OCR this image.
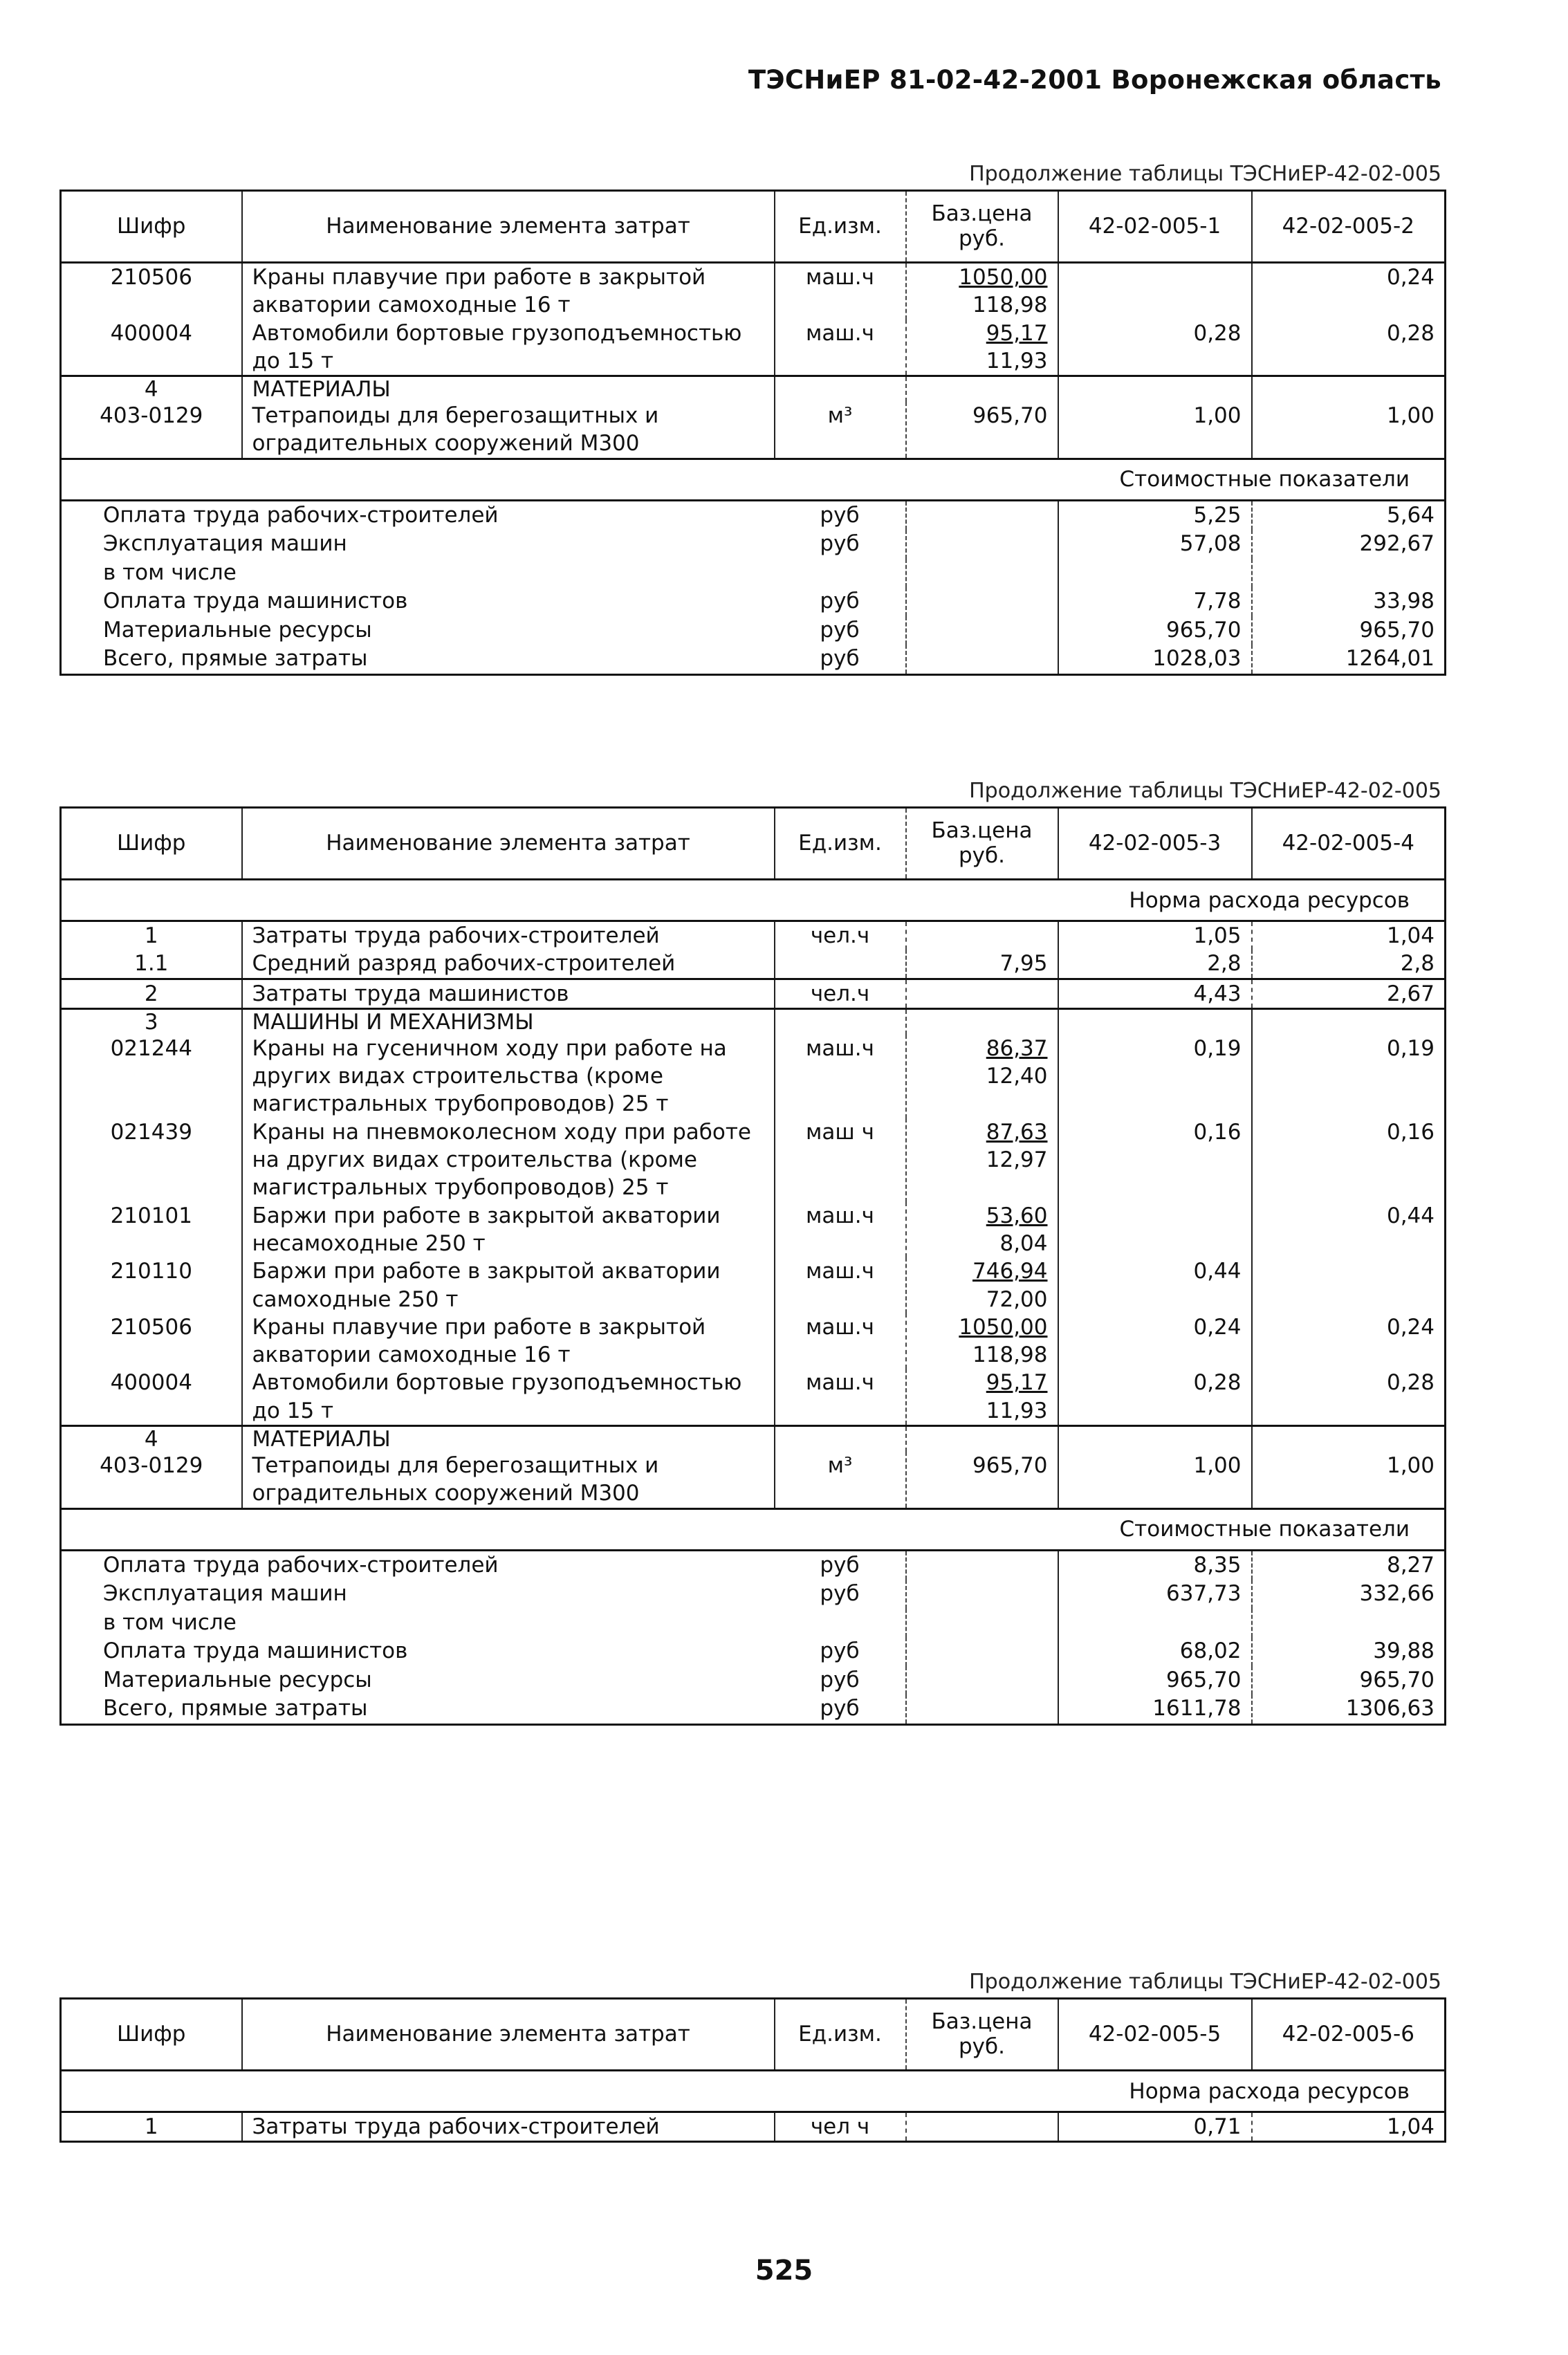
ТЭСНиЕР 81-02-42-2001 Воронежская область
Продолжение таблицы ТЭСНиЕР-42-02-005
Шифр	Наименование элемента затрат	Ед.изм.	Баз.цена руб.	42-02-005-1	42-02-005-2
210506	Краны плавучие при работе в закрытой акватории самоходные 16 т	маш.ч	$\frac{1050,00}{118,98}$		0,24
400004	Автомобили бортовые грузоподъемностью до 15 т	маш.ч	$\frac{95,17}{11,93}$	0,28	0,28
4	МАТЕРИАЛЫ				
403-0129	Тетрапоиды для берегозащитных и оградительных сооружений М300	м³	965,70	1,00	1,00
Стоимостные показатели					
Оплата труда рабочих-строителей		руб		5,25	5,64
Эксплуатация машин		руб		57,08	292,67
в том числе					
Оплата труда машинистов		руб		7,78	33,98
Материальные ресурсы		руб		965,70	965,70
Всего, прямые затраты		руб		1028,03	1264,01
Продолжение таблицы ТЭСНиЕР-42-02-005
Шифр	Наименование элемента затрат	Ед.изм.	Баз.цена руб.	42-02-005-3	42-02-005-4
Норма расхода ресурсов					
1	Затраты труда рабочих-строителей	чел.ч		1,05	1,04
1.1	Средний разряд рабочих-строителей		7,95	2,8	2,8
2	Затраты труда машинистов	чел.ч		4,43	2,67
3	МАШИНЫ И МЕХАНИЗМЫ				
021244	Краны на гусеничном ходу при работе на других видах строительства (кроме магистральных трубопроводов) 25 т	маш.ч	$\frac{86,37}{12,40}$	0,19	0,19
021439	Краны на пневмоколесном ходу при работе на других видах строительства (кроме магистральных трубопроводов) 25 т	маш ч	$\frac{87,63}{12,97}$	0,16	0,16
210101	Баржи при работе в закрытой акватории несамоходные 250 т	маш.ч	$\frac{53,60}{8,04}$		0,44
210110	Баржи при работе в закрытой акватории самоходные 250 т	маш.ч	$\frac{746,94}{72,00}$	0,44	
210506	Краны плавучие при работе в закрытой акватории самоходные 16 т	маш.ч	$\frac{1050,00}{118,98}$	0,24	0,24
400004	Автомобили бортовые грузоподъемностью до 15 т	маш.ч	$\frac{95,17}{11,93}$	0,28	0,28
4	МАТЕРИАЛЫ				
403-0129	Тетрапоиды для берегозащитных и оградительных сооружений М300	м³	965,70	1,00	1,00
Стоимостные показатели					
Оплата труда рабочих-строителей		руб		8,35	8,27
Эксплуатация машин		руб		637,73	332,66
в том числе					
Оплата труда машинистов		руб		68,02	39,88
Материальные ресурсы		руб		965,70	965,70
Всего, прямые затраты		руб		1611,78	1306,63
Продолжение таблицы ТЭСНиЕР-42-02-005
Шифр	Наименование элемента затрат	Ед.изм.	Баз.цена руб.	42-02-005-5	42-02-005-6
Норма расхода ресурсов					
1	Затраты труда рабочих-строителей	чел ч		0,71	1,04
525
